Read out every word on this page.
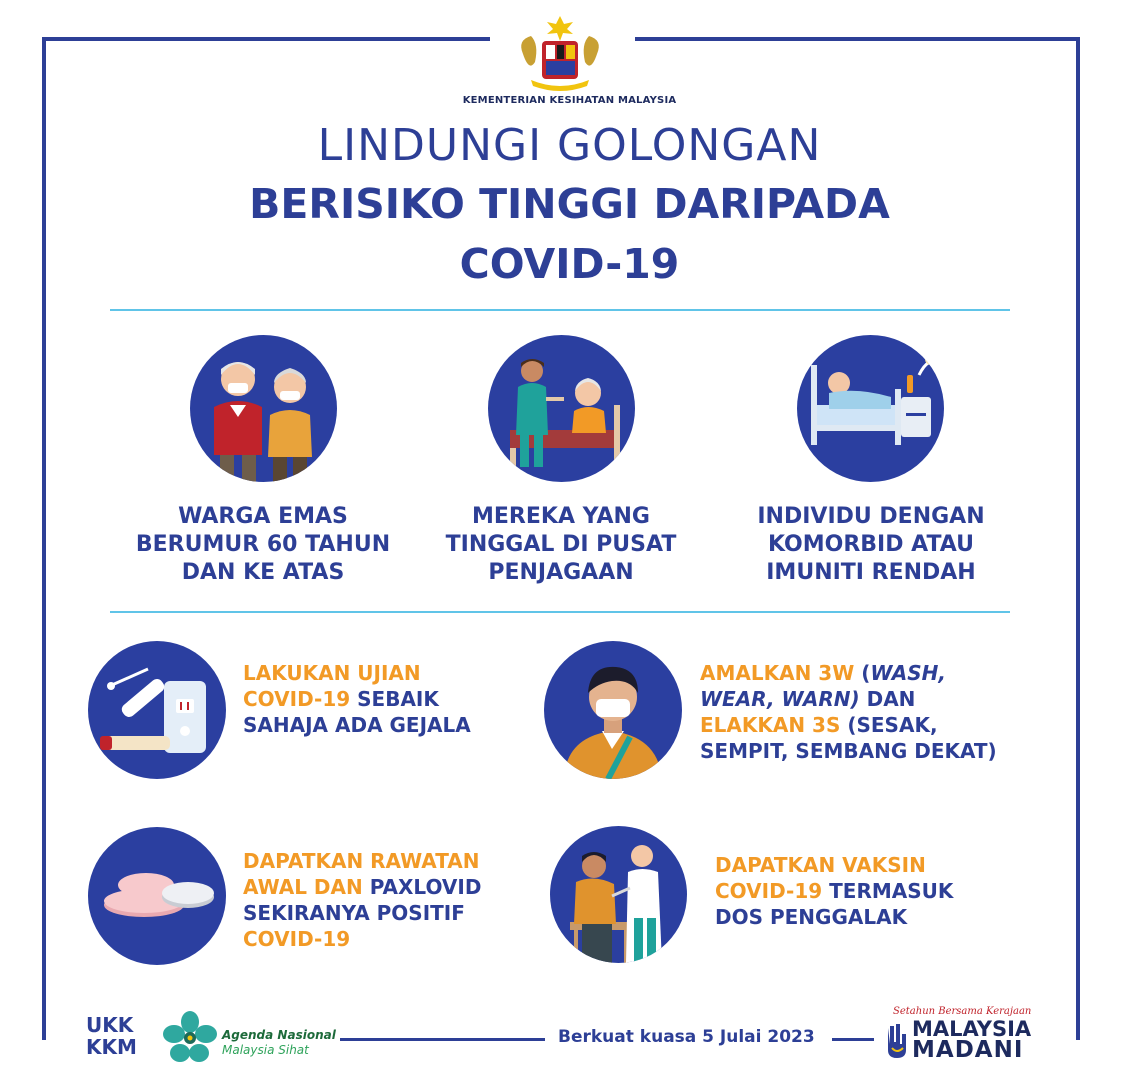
KEMENTERIAN KESIHATAN MALAYSIA
LINDUNGI GOLONGAN
BERISIKO TINGGI DARIPADA
COVID-19
WARGA EMAS
BERUMUR 60 TAHUN
DAN KE ATAS
MEREKA YANG
TINGGAL DI PUSAT
PENJAGAAN
INDIVIDU DENGAN
KOMORBID ATAU
IMUNITI RENDAH
LAKUKAN UJIAN
COVID-19 SEBAIK
SAHAJA ADA GEJALA
AMALKAN 3W (WASH,
WEAR, WARN) DAN
ELAKKAN 3S (SESAK,
SEMPIT, SEMBANG DEKAT)
DAPATKAN RAWATAN
AWAL DAN PAXLOVID
SEKIRANYA POSITIF
COVID-19
DAPATKAN VAKSIN
COVID-19 TERMASUK
DOS PENGGALAK
UKK
KKM	Agenda Nasional
Malaysia Sihat
Berkuat kuasa 5 Julai 2023
Setahun Bersama Kerajaan
MALAYSIA
MADANI
